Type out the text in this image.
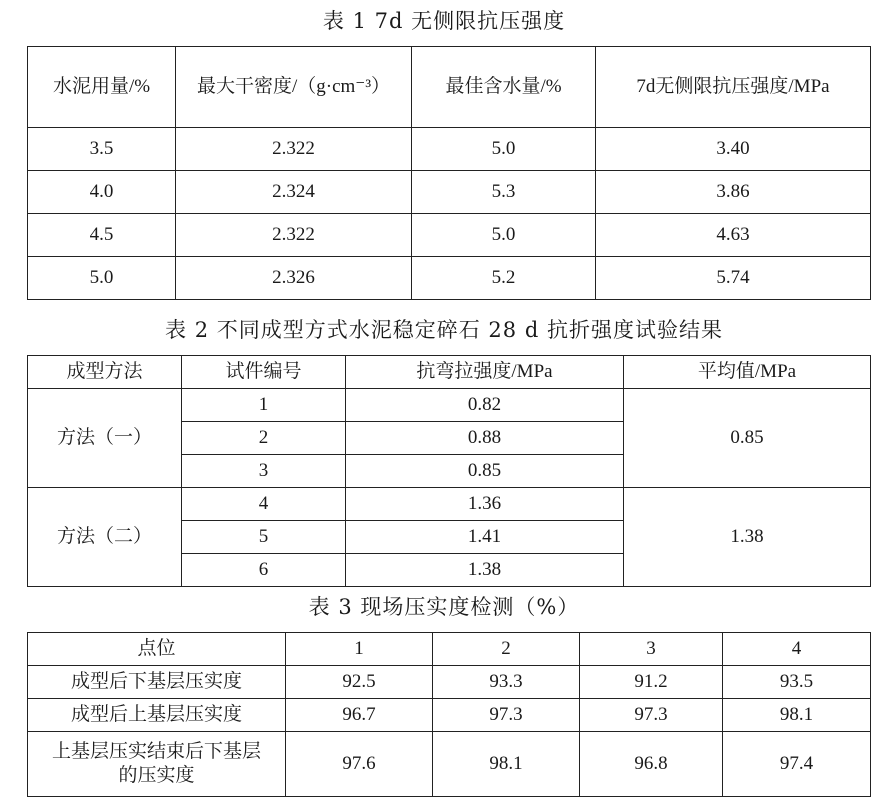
表 1 7d 无侧限抗压强度
水泥用量/%	最大干密度/（g·cm⁻³）	最佳含水量/%	7d无侧限抗压强度/MPa
3.5	2.322	5.0	3.40
4.0	2.324	5.3	3.86
4.5	2.322	5.0	4.63
5.0	2.326	5.2	5.74
表 2 不同成型方式水泥稳定碎石 28 d 抗折强度试验结果
成型方法	试件编号	抗弯拉强度/MPa	平均值/MPa
方法（一）	1	0.82	0.85
	2	0.88	
	3	0.85	
方法（二）	4	1.36	1.38
	5	1.41	
	6	1.38	
表 3 现场压实度检测（%）
点位	1	2	3	4
成型后下基层压实度	92.5	93.3	91.2	93.5
成型后上基层压实度	96.7	97.3	97.3	98.1
上基层压实结束后下基层
的压实度	97.6	98.1	96.8	97.4
